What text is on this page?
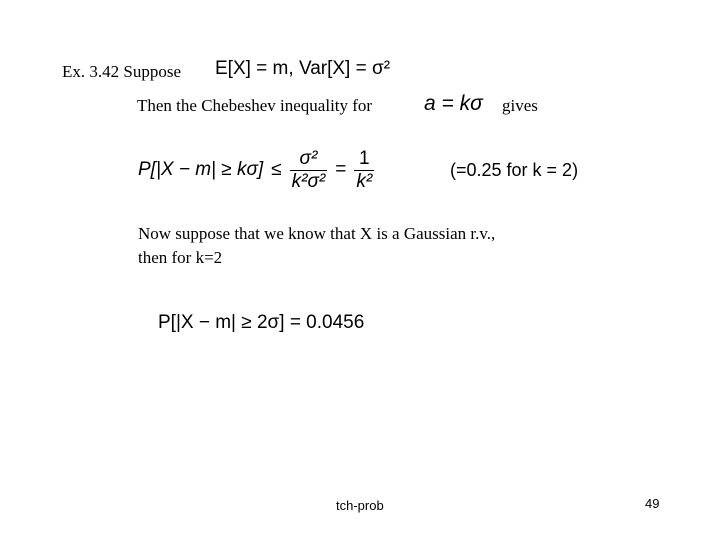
Ex. 3.42 Suppose E[X] = m, Var[X] = σ²
Then the Chebeshev inequality for a = kσ gives
$P[|X - m| \ge k\sigma] \le \frac{\text{σ²}}{\text{k²σ²}} = \frac{1}{\text{k²}}$	(=0.25 for k = 2)
Now suppose that we know that X is a Gaussian r.v.,
then for k=2
P[|X − m| ≥ 2σ] = 0.0456
tch-prob	49
